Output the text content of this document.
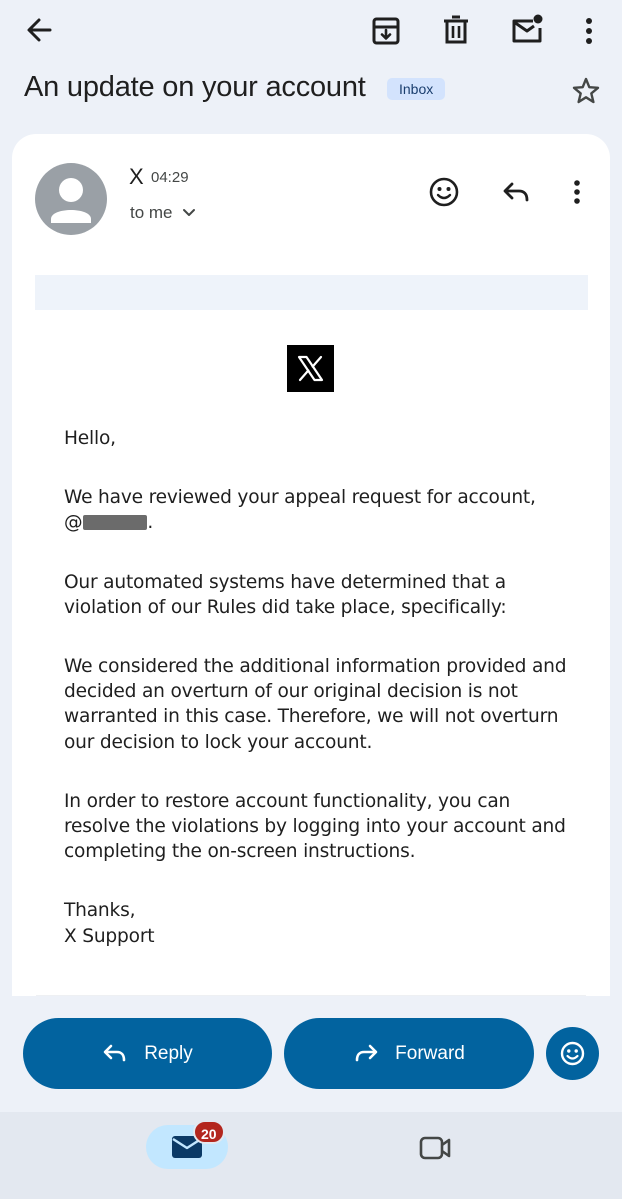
An update on your account	Inbox
X 04:29
to me

Hello,

We have reviewed your appeal request for account,
@	.

Our automated systems have determined that a
violation of our Rules did take place, specifically:

We considered the additional information provided and
decided an overturn of our original decision is not
warranted in this case. Therefore, we will not overturn
our decision to lock your account.

In order to restore account functionality, you can
resolve the violations by logging into your account and
completing the on-screen instructions.

Thanks,
X Support

Reply	Forward
20
